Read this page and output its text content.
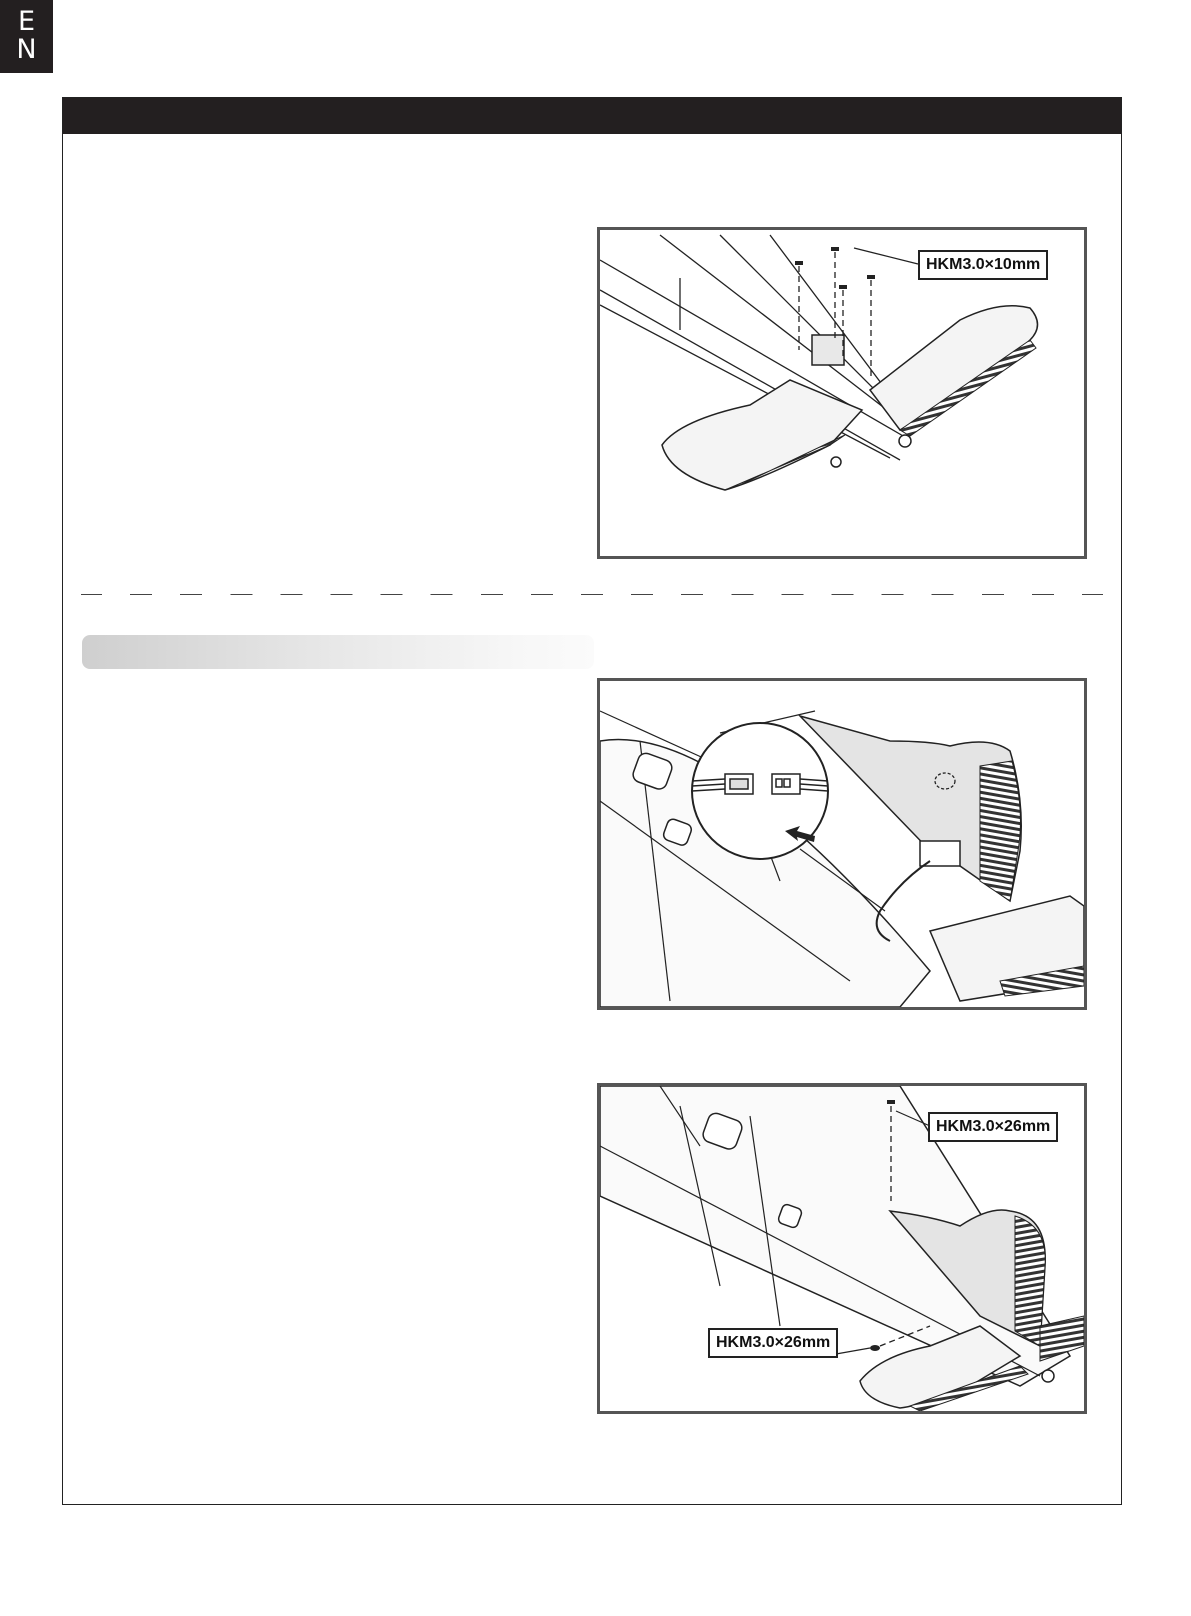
E
N
HKM3.0×10mm
HKM3.0×26mm
HKM3.0×26mm
